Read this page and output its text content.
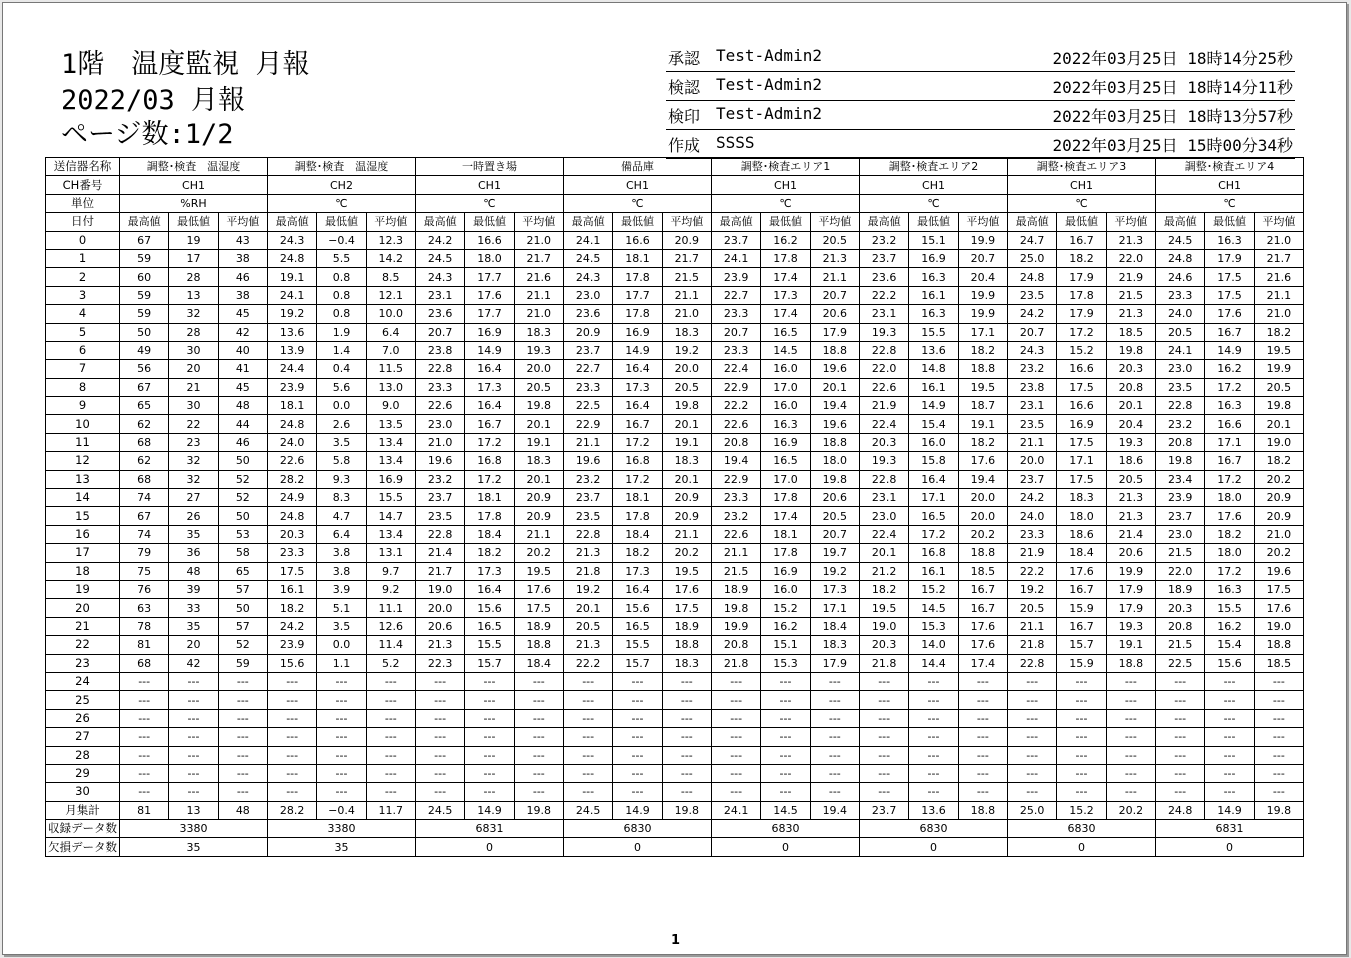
1階　温度監視 月報
2022/03 月報
ページ数:1/2
承認 Test-Admin2	2022年03月25日 18時14分25秒
検認 Test-Admin2	2022年03月25日 18時14分11秒
検印 Test-Admin2	2022年03月25日 18時13分57秒
作成 SSSS	2022年03月25日 15時00分34秒
送信器名称	調整･検査　温湿度			調整･検査　温湿度			一時置き場			備品庫			調整･検査エリア1			調整･検査エリア2			調整･検査エリア3			調整･検査エリア4		
CH番号	CH1			CH2			CH1			CH1			CH1			CH1			CH1			CH1		
単位	%RH			℃			℃			℃			℃			℃			℃			℃		
日付	最高値	最低値	平均値	最高値	最低値	平均値	最高値	最低値	平均値	最高値	最低値	平均値	最高値	最低値	平均値	最高値	最低値	平均値	最高値	最低値	平均値	最高値	最低値	平均値
0	67	19	43	24.3	−0.4	12.3	24.2	16.6	21.0	24.1	16.6	20.9	23.7	16.2	20.5	23.2	15.1	19.9	24.7	16.7	21.3	24.5	16.3	21.0
1	59	17	38	24.8	5.5	14.2	24.5	18.0	21.7	24.5	18.1	21.7	24.1	17.8	21.3	23.7	16.9	20.7	25.0	18.2	22.0	24.8	17.9	21.7
2	60	28	46	19.1	0.8	8.5	24.3	17.7	21.6	24.3	17.8	21.5	23.9	17.4	21.1	23.6	16.3	20.4	24.8	17.9	21.9	24.6	17.5	21.6
3	59	13	38	24.1	0.8	12.1	23.1	17.6	21.1	23.0	17.7	21.1	22.7	17.3	20.7	22.2	16.1	19.9	23.5	17.8	21.5	23.3	17.5	21.1
4	59	32	45	19.2	0.8	10.0	23.6	17.7	21.0	23.6	17.8	21.0	23.3	17.4	20.6	23.1	16.3	19.9	24.2	17.9	21.3	24.0	17.6	21.0
5	50	28	42	13.6	1.9	6.4	20.7	16.9	18.3	20.9	16.9	18.3	20.7	16.5	17.9	19.3	15.5	17.1	20.7	17.2	18.5	20.5	16.7	18.2
6	49	30	40	13.9	1.4	7.0	23.8	14.9	19.3	23.7	14.9	19.2	23.3	14.5	18.8	22.8	13.6	18.2	24.3	15.2	19.8	24.1	14.9	19.5
7	56	20	41	24.4	0.4	11.5	22.8	16.4	20.0	22.7	16.4	20.0	22.4	16.0	19.6	22.0	14.8	18.8	23.2	16.6	20.3	23.0	16.2	19.9
8	67	21	45	23.9	5.6	13.0	23.3	17.3	20.5	23.3	17.3	20.5	22.9	17.0	20.1	22.6	16.1	19.5	23.8	17.5	20.8	23.5	17.2	20.5
9	65	30	48	18.1	0.0	9.0	22.6	16.4	19.8	22.5	16.4	19.8	22.2	16.0	19.4	21.9	14.9	18.7	23.1	16.6	20.1	22.8	16.3	19.8
10	62	22	44	24.8	2.6	13.5	23.0	16.7	20.1	22.9	16.7	20.1	22.6	16.3	19.6	22.4	15.4	19.1	23.5	16.9	20.4	23.2	16.6	20.1
11	68	23	46	24.0	3.5	13.4	21.0	17.2	19.1	21.1	17.2	19.1	20.8	16.9	18.8	20.3	16.0	18.2	21.1	17.5	19.3	20.8	17.1	19.0
12	62	32	50	22.6	5.8	13.4	19.6	16.8	18.3	19.6	16.8	18.3	19.4	16.5	18.0	19.3	15.8	17.6	20.0	17.1	18.6	19.8	16.7	18.2
13	68	32	52	28.2	9.3	16.9	23.2	17.2	20.1	23.2	17.2	20.1	22.9	17.0	19.8	22.8	16.4	19.4	23.7	17.5	20.5	23.4	17.2	20.2
14	74	27	52	24.9	8.3	15.5	23.7	18.1	20.9	23.7	18.1	20.9	23.3	17.8	20.6	23.1	17.1	20.0	24.2	18.3	21.3	23.9	18.0	20.9
15	67	26	50	24.8	4.7	14.7	23.5	17.8	20.9	23.5	17.8	20.9	23.2	17.4	20.5	23.0	16.5	20.0	24.0	18.0	21.3	23.7	17.6	20.9
16	74	35	53	20.3	6.4	13.4	22.8	18.4	21.1	22.8	18.4	21.1	22.6	18.1	20.7	22.4	17.2	20.2	23.3	18.6	21.4	23.0	18.2	21.0
17	79	36	58	23.3	3.8	13.1	21.4	18.2	20.2	21.3	18.2	20.2	21.1	17.8	19.7	20.1	16.8	18.8	21.9	18.4	20.6	21.5	18.0	20.2
18	75	48	65	17.5	3.8	9.7	21.7	17.3	19.5	21.8	17.3	19.5	21.5	16.9	19.2	21.2	16.1	18.5	22.2	17.6	19.9	22.0	17.2	19.6
19	76	39	57	16.1	3.9	9.2	19.0	16.4	17.6	19.2	16.4	17.6	18.9	16.0	17.3	18.2	15.2	16.7	19.2	16.7	17.9	18.9	16.3	17.5
20	63	33	50	18.2	5.1	11.1	20.0	15.6	17.5	20.1	15.6	17.5	19.8	15.2	17.1	19.5	14.5	16.7	20.5	15.9	17.9	20.3	15.5	17.6
21	78	35	57	24.2	3.5	12.6	20.6	16.5	18.9	20.5	16.5	18.9	19.9	16.2	18.4	19.0	15.3	17.6	21.1	16.7	19.3	20.8	16.2	19.0
22	81	20	52	23.9	0.0	11.4	21.3	15.5	18.8	21.3	15.5	18.8	20.8	15.1	18.3	20.3	14.0	17.6	21.8	15.7	19.1	21.5	15.4	18.8
23	68	42	59	15.6	1.1	5.2	22.3	15.7	18.4	22.2	15.7	18.3	21.8	15.3	17.9	21.8	14.4	17.4	22.8	15.9	18.8	22.5	15.6	18.5
24	---	---	---	---	---	---	---	---	---	---	---	---	---	---	---	---	---	---	---	---	---	---	---	---
25	---	---	---	---	---	---	---	---	---	---	---	---	---	---	---	---	---	---	---	---	---	---	---	---
26	---	---	---	---	---	---	---	---	---	---	---	---	---	---	---	---	---	---	---	---	---	---	---	---
27	---	---	---	---	---	---	---	---	---	---	---	---	---	---	---	---	---	---	---	---	---	---	---	---
28	---	---	---	---	---	---	---	---	---	---	---	---	---	---	---	---	---	---	---	---	---	---	---	---
29	---	---	---	---	---	---	---	---	---	---	---	---	---	---	---	---	---	---	---	---	---	---	---	---
30	---	---	---	---	---	---	---	---	---	---	---	---	---	---	---	---	---	---	---	---	---	---	---	---
月集計	81	13	48	28.2	−0.4	11.7	24.5	14.9	19.8	24.5	14.9	19.8	24.1	14.5	19.4	23.7	13.6	18.8	25.0	15.2	20.2	24.8	14.9	19.8
収録データ数	3380			3380			6831			6830			6830			6830			6830			6831		
欠損データ数	35			35			0			0			0			0			0			0		
1
